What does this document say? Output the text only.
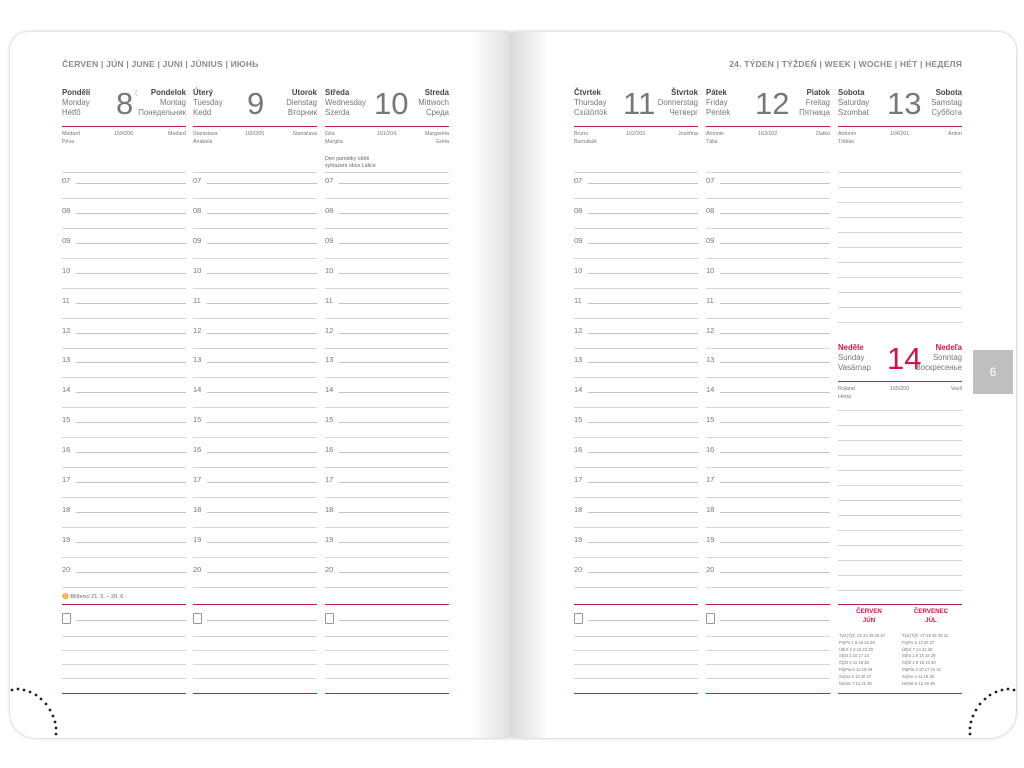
ČERVEN | JÚN | JUNE | JUNI | JÚNIUS | ИЮНЬ	24. TÝDEN | TÝŽDEŇ | WEEK | WOCHE | HÉT | НЕДЕЛЯ
6
Pondělí
Monday
Hétfő	8 ☾	Pondelok
Montag
Понедельник
Medard
Péva
159/206	Medard
07
08
09
10
11
12
13
14
15
16
17
18
19
20
Úterý
Tuesday
Kedd	9	Utorok
Dienstag
Вторник
Stanislava
Anabela
160/205	Stanislava
07
08
09
10
11
12
13
14
15
16
17
18
19
20
Středa
Wednesday
Szerda 10	Streda
Mittwoch
Среда
Gita
Margita
161/204	Margaréta
Gréta
Den památky obětí
vyhlazení obce Lidice
07
08
09
10
11
12
13
14
15
16
17
18
19
20
Čtvrtek
Thursday
Csütörtök 11	Štvrtok
Donnerstag
Четверг
Bruno
Barnabáš
162/203	Jozefína
07
08
09
10
11
12
13
14
15
16
17
18
19
20
Pátek
Friday
Péntek 12	Piatok
Freitag
Пятница
Antonie
Tália
163/202	Zlatko
07
08
09
10
11
12
13
14
15
16
17
18
19
20
Sobota
Saturday
Szombat 13	Sobota
Samstag
Суббота
Antonín
Tóbiás
164/201	Anton
♊ Blíženci 21. 5. – 20. 6.
Neděle
Sunday
Vasárnap 14	Nedeľa
Sonntag
Воскресенье
Roland
Herta
165/200	Vasil
ČERVEN
JÚN
ČERVENEC
JÚL
Týd.|Týž. 23 24 25 26 27
Po|Po 1 8 15 22 29
Út|Ut 2 9 16 23 30
St|St 3 10 17 24
Čt|Št 4 11 18 25
Pá|Pia 5 12 19 26
So|So 6 13 20 27
Ne|Ne 7 14 21 28
Týd.|Týž. 27 28 29 30 31
Po|Po 6 13 20 27
Út|Ut 7 14 21 28
St|St 1 8 15 22 29
Čt|Št 2 9 16 23 30
Pá|Pia 3 10 17 24 31
So|So 4 11 18 25
Ne|Ne 5 12 19 26
